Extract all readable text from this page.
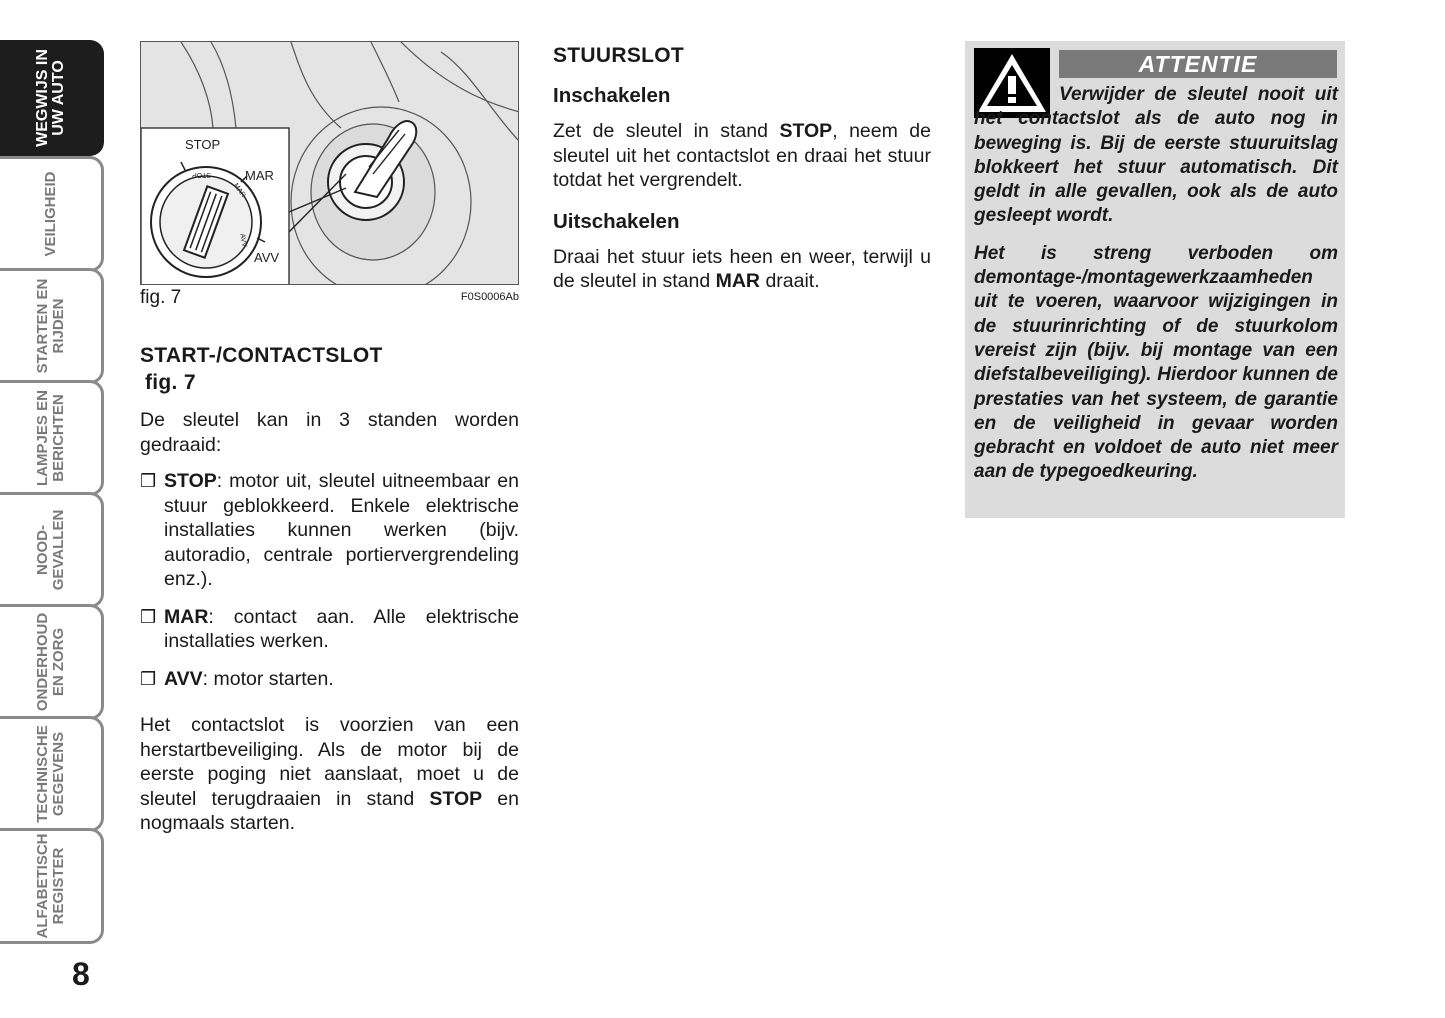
WEGWIJS IN
UW AUTO
VEILIGHEID
STARTEN EN
RIJDEN
LAMPJES EN
BERICHTEN
NOOD-
GEVALLEN
ONDERHOUD
EN ZORG
TECHNISCHE
GEGEVENS
ALFABETISCH
REGISTER
8
STOP
MAR
AVV
STOP
MAR
AVV
fig. 7	F0S0006Ab
START-/CONTACTSLOT
fig. 7

De sleutel kan in 3 standen worden gedraaid:

❒ STOP: motor uit, sleutel uitneembaar en stuur geblokkeerd. Enkele elektrische installaties kunnen werken (bijv. autoradio, centrale portiervergrendeling enz.).
❒ MAR: contact aan. Alle elektrische installaties werken.
❒ AVV: motor starten.

Het contactslot is voorzien van een herstartbeveiliging. Als de motor bij de eerste poging niet aanslaat, moet u de sleutel terugdraaien in stand STOP en nogmaals starten.

STUURSLOT
Inschakelen

Zet de sleutel in stand STOP, neem de sleutel uit het contactslot en draai het stuur totdat het vergrendelt.

Uitschakelen

Draai het stuur iets heen en weer, terwijl u de sleutel in stand MAR draait.

ATTENTIE

Verwijder de sleutel nooit uit het contactslot als de auto nog in beweging is. Bij de eerste stuuruitslag blokkeert het stuur automatisch. Dit geldt in alle gevallen, ook als de auto gesleept wordt.

Het is streng verboden om demontage-/montagewerkzaamheden uit te voeren, waarvoor wijzigingen in de stuurinrichting of de stuurkolom vereist zijn (bijv. bij montage van een diefstalbeveiliging). Hierdoor kunnen de prestaties van het systeem, de garantie en de veiligheid in gevaar worden gebracht en voldoet de auto niet meer aan de typegoedkeuring.
